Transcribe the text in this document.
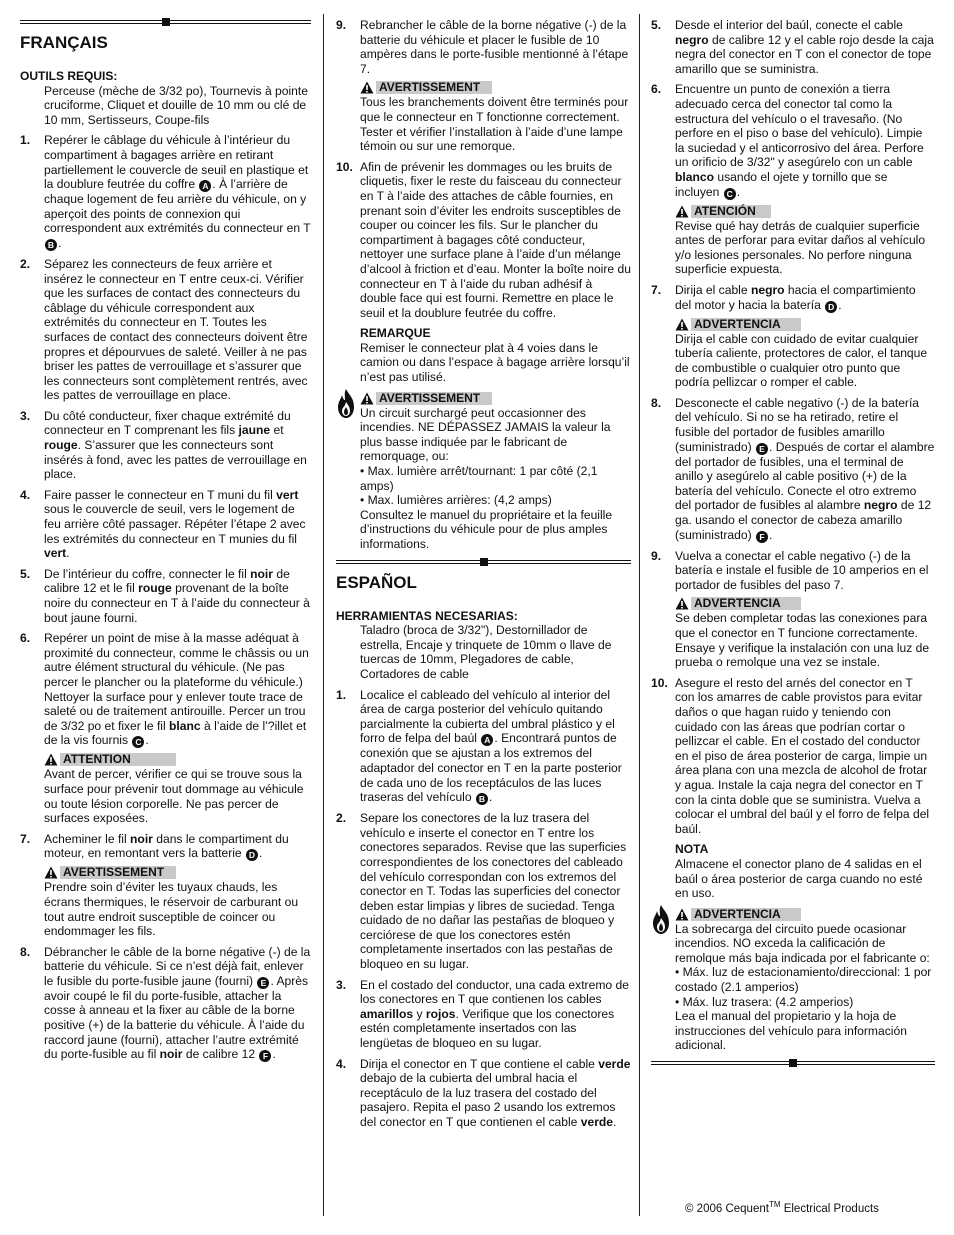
FRANÇAIS
OUTILS REQUIS:
Perceuse (mèche de 3/32 po), Tournevis à pointe cruciforme, Cliquet et douille de 10 mm ou clé de 10 mm, Sertisseurs, Coupe-fils
1. Repérer le câblage du véhicule à l’intérieur du compartiment à bagages arrière en retirant partiellement le couvercle de seuil en plastique et la doublure feutrée du coffre A . À l’arrière de chaque logement de feu arrière du véhicule, on y aperçoit des points de connexion qui correspondent aux extrémités du connecteur en T B .
2. Séparez les connecteurs de feux arrière et insérez le connecteur en T entre ceux-ci. Vérifier que les surfaces de contact des connecteurs du câblage du véhicule correspondent aux extrémités du connecteur en T. Toutes les surfaces de contact des connecteurs doivent être propres et dépourvues de saleté. Veiller à ne pas briser les pattes de verrouillage et s’assurer que les connecteurs sont complètement rentrés, avec les pattes de verrouillage en place.
3. Du côté conducteur, fixer chaque extrémité du connecteur en T comprenant les fils jaune et rouge. S’assurer que les connecteurs sont insérés à fond, avec les pattes de verrouillage en place.
4. Faire passer le connecteur en T muni du fil vert sous le couvercle de seuil, vers le logement de feu arrière côté passager. Répéter l’étape 2 avec les extrémités du connecteur en T munies du fil vert.
5. De l’intérieur du coffre, connecter le fil noir de calibre 12 et le fil rouge provenant de la boîte noire du connecteur en T à l’aide du connecteur à bout jaune fourni.
6. Repérer un point de mise à la masse adéquat à proximité du connecteur, comme le châssis ou un autre élément structural du véhicule. (Ne pas percer le plancher ou la plateforme du véhicule.) Nettoyer la surface pour y enlever toute trace de saleté ou de traitement antirouille. Percer un trou de 3/32 po et fixer le fil blanc à l’aide de l’?illet et de la vis fournis C .
ATTENTION
Avant de percer, vérifier ce qui se trouve sous la surface pour prévenir tout dommage au véhicule ou toute lésion corporelle. Ne pas percer de surfaces exposées.
7. Acheminer le fil noir dans le compartiment du moteur, en remontant vers la batterie D .
AVERTISSEMENT
Prendre soin d’éviter les tuyaux chauds, les écrans thermiques, le réservoir de carburant ou tout autre endroit susceptible de coincer ou endommager les fils.
8. Débrancher le câble de la borne négative (-) de la batterie du véhicule. Si ce n’est déjà fait, enlever le fusible du porte-fusible jaune (fourni) E . Après avoir coupé le fil du porte-fusible, attacher la cosse à anneau et la fixer au câble de la borne positive (+) de la batterie du véhicule. À l’aide du raccord jaune (fourni), attacher l’autre extrémité du porte-fusible au fil noir de calibre 12 F .
9. Rebrancher le câble de la borne négative (-) de la batterie du véhicule et placer le fusible de 10 ampères dans le porte-fusible mentionné à l’étape 7.
AVERTISSEMENT
Tous les branchements doivent être terminés pour que le connecteur en T fonctionne correctement. Tester et vérifier l’installation à l’aide d’une lampe témoin ou sur une remorque.
10. Afin de prévenir les dommages ou les bruits de cliquetis, fixer le reste du faisceau du connecteur en T à l’aide des attaches de câble fournies, en prenant soin d’éviter les endroits susceptibles de couper ou coincer les fils. Sur le plancher du compartiment à bagages côté conducteur, nettoyer une surface plane à l’aide d’un mélange d’alcool à friction et d’eau. Monter la boîte noire du connecteur en T à l’aide du ruban adhésif à double face qui est fourni. Remettre en place le seuil et la doublure feutrée du coffre.
REMARQUE
Remiser le connecteur plat à 4 voies dans le camion ou dans l’espace à bagage arrière lorsqu’il n’est pas utilisé.
AVERTISSEMENT
Un circuit surchargé peut occasionner des incendies. NE DÉPASSEZ JAMAIS la valeur la plus basse indiquée par le fabricant de remorquage, ou:
• Max. lumière arrêt/tournant: 1 par côté (2,1 amps)
• Max. lumières arrières: (4,2 amps)
Consultez le manuel du propriétaire et la feuille d’instructions du véhicule pour de plus amples informations.
ESPAÑOL
HERRAMIENTAS NECESARIAS:
Taladro (broca de 3/32"), Destornillador de estrella, Encaje y trinquete de 10mm o llave de tuercas de 10mm, Plegadores de cable, Cortadores de cable
1. Localice el cableado del vehículo al interior del área de carga posterior del vehículo quitando parcialmente la cubierta del umbral plástico y el forro de felpa del baúl A . Encontrará puntos de conexión que se ajustan a los extremos del adaptador del conector en T en la parte posterior de cada uno de los receptáculos de las luces traseras del vehículo B .
2. Separe los conectores de la luz trasera del vehículo e inserte el conector en T entre los conectores separados. Revise que las superficies correspondientes de los conectores del cableado del vehículo correspondan con los extremos del conector en T. Todas las superficies del conector deben estar limpias y libres de suciedad. Tenga cuidado de no dañar las pestañas de bloqueo y cerciórese de que los conectores estén completamente insertados con las pestañas de bloqueo en su lugar.
3. En el costado del conductor, una cada extremo de los conectores en T que contienen los cables amarillos y rojos. Verifique que los conectores estén completamente insertados con las lengüetas de bloqueo en su lugar.
4. Dirija el conector en T que contiene el cable verde debajo de la cubierta del umbral hacia el receptáculo de la luz trasera del costado del pasajero. Repita el paso 2 usando los extremos del conector en T que contienen el cable verde.
5. Desde el interior del baúl, conecte el cable negro de calibre 12 y el cable rojo desde la caja negra del conector en T con el conector de tope amarillo que se suministra.
6. Encuentre un punto de conexión a tierra adecuado cerca del conector tal como la estructura del vehículo o el travesaño. (No perfore en el piso o base del vehículo). Limpie la suciedad y el anticorrosivo del área. Perfore un orificio de 3/32" y asegúrelo con un cable blanco usando el ojete y tornillo que se incluyen C .
ATENCIÓN
Revise qué hay detrás de cualquier superficie antes de perforar para evitar daños al vehículo y/o lesiones personales. No perfore ninguna superficie expuesta.
7. Dirija el cable negro hacia el compartimiento del motor y hacia la batería D .
ADVERTENCIA
Dirija el cable con cuidado de evitar cualquier tubería caliente, protectores de calor, el tanque de combustible o cualquier otro punto que podría pellizcar o romper el cable.
8. Desconecte el cable negativo (-) de la batería del vehículo. Si no se ha retirado, retire el fusible del portador de fusibles amarillo (suministrado) E . Después de cortar el alambre del portador de fusibles, una el terminal de anillo y asegúrelo al cable positivo (+) de la batería del vehículo. Conecte el otro extremo del portador de fusibles al alambre negro de 12 ga. usando el conector de cabeza amarillo (suministrado) F .
9. Vuelva a conectar el cable negativo (-) de la batería e instale el fusible de 10 amperios en el portador de fusibles del paso 7.
ADVERTENCIA
Se deben completar todas las conexiones para que el conector en T funcione correctamente. Ensaye y verifique la instalación con una luz de prueba o remolque una vez se instale.
10. Asegure el resto del arnés del conector en T con los amarres de cable provistos para evitar daños o que hagan ruido y teniendo con cuidado con las áreas que podrían cortar o pellizcar el cable. En el costado del conductor en el piso de área posterior de carga, limpie un área plana con una mezcla de alcohol de frotar y agua. Instale la caja negra del conector en T con la cinta doble que se suministra. Vuelva a colocar el umbral del baúl y el forro de felpa del baúl.
NOTA
Almacene el conector plano de 4 salidas en el baúl o área posterior de carga cuando no esté en uso.
ADVERTENCIA
La sobrecarga del circuito puede ocasionar incendios. NO exceda la calificación de remolque más baja indicada por el fabricante o:
• Máx. luz de estacionamiento/direccional: 1 por costado (2.1 amperios)
• Máx. luz trasera: (4.2 amperios)
Lea el manual del propietario y la hoja de instrucciones del vehículo para información adicional.
© 2006 Cequent™ Electrical Products
